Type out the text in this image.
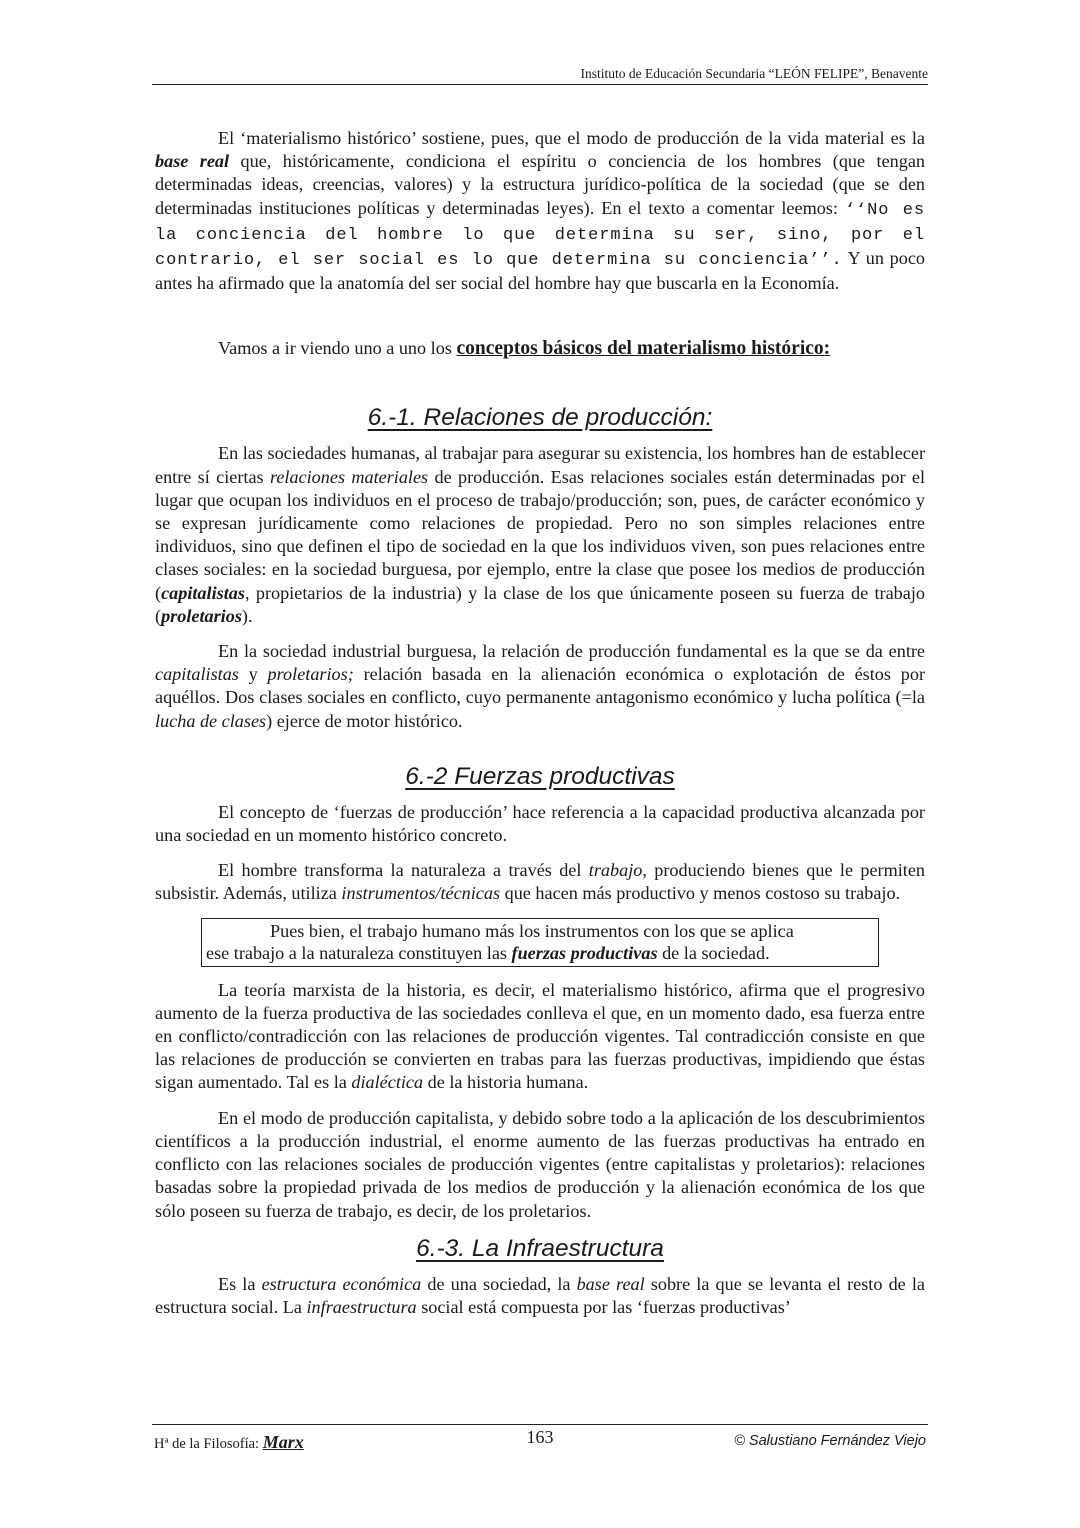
Instituto de Educación Secundaria “LEÓN FELIPE”, Benavente

El ‘materialismo histórico’ sostiene, pues, que el modo de producción de la vida material es la base real que, históricamente, condiciona el espíritu o conciencia de los hombres (que tengan determinadas ideas, creencias, valores) y la estructura jurídico-política de la sociedad (que se den determinadas instituciones políticas y determinadas leyes). En el texto a comentar leemos: ‘‘No es la conciencia del hombre lo que determina su ser, sino, por el contrario, el ser social es lo que determina su conciencia’’. Y un poco antes ha afirmado que la anatomía del ser social del hombre hay que buscarla en la Economía.

Vamos a ir viendo uno a uno los conceptos básicos del materialismo histórico:

6.-1. Relaciones de producción:

En las sociedades humanas, al trabajar para asegurar su existencia, los hombres han de establecer entre sí ciertas relaciones materiales de producción. Esas relaciones sociales están determinadas por el lugar que ocupan los individuos en el proceso de trabajo/producción; son, pues, de carácter económico y se expresan jurídicamente como relaciones de propiedad. Pero no son simples relaciones entre individuos, sino que definen el tipo de sociedad en la que los individuos viven, son pues relaciones entre clases sociales: en la sociedad burguesa, por ejemplo, entre la clase que posee los medios de producción (capitalistas, propietarios de la industria) y la clase de los que únicamente poseen su fuerza de trabajo (proletarios).

En la sociedad industrial burguesa, la relación de producción fundamental es la que se da entre capitalistas y proletarios; relación basada en la alienación económica o explotación de éstos por aquéllos. Dos clases sociales en conflicto, cuyo permanente antagonismo económico y lucha política (=la lucha de clases) ejerce de motor histórico.

6.-2 Fuerzas productivas

El concepto de ‘fuerzas de producción’ hace referencia a la capacidad productiva alcanzada por una sociedad en un momento histórico concreto.

El hombre transforma la naturaleza a través del trabajo, produciendo bienes que le permiten subsistir. Además, utiliza instrumentos/técnicas que hacen más productivo y menos costoso su trabajo.

Pues bien, el trabajo humano más los instrumentos con los que se aplica
ese trabajo a la naturaleza constituyen las fuerzas productivas de la sociedad.

La teoría marxista de la historia, es decir, el materialismo histórico, afirma que el progresivo aumento de la fuerza productiva de las sociedades conlleva el que, en un momento dado, esa fuerza entre en conflicto/contradicción con las relaciones de producción vigentes. Tal contradicción consiste en que las relaciones de producción se convierten en trabas para las fuerzas productivas, impidiendo que éstas sigan aumentado. Tal es la dialéctica de la historia humana.

En el modo de producción capitalista, y debido sobre todo a la aplicación de los descubrimientos científicos a la producción industrial, el enorme aumento de las fuerzas productivas ha entrado en conflicto con las relaciones sociales de producción vigentes (entre capitalistas y proletarios): relaciones basadas sobre la propiedad privada de los medios de producción y la alienación económica de los que sólo poseen su fuerza de trabajo, es decir, de los proletarios.

6.-3. La Infraestructura

Es la estructura económica de una sociedad, la base real sobre la que se levanta el resto de la estructura social. La infraestructura social está compuesta por las ‘fuerzas productivas’

Hª de la Filosofía: Marx	163	© Salustiano Fernández Viejo
